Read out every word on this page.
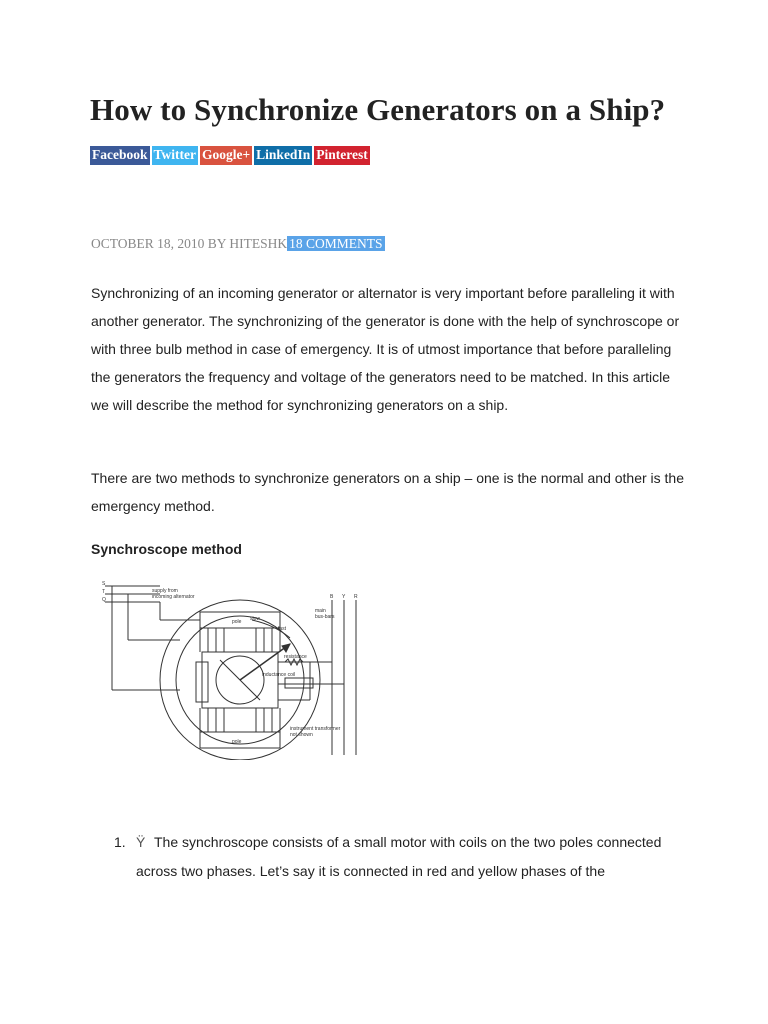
How to Synchronize Generators on a Ship?
Facebook Twitter Google+ LinkedIn Pinterest
OCTOBER 18, 2010 BY HITESHK 18 COMMENTS

Synchronizing of an incoming generator or alternator is very important before paralleling it with another generator. The synchronizing of the generator is done with the help of synchroscope or with three bulb method in case of emergency. It is of utmost importance that before paralleling the generators the frequency and voltage of the generators need to be matched. In this article we will describe the method for synchronizing generators on a ship.

There are two methods to synchronize generators on a ship – one is the normal and other is the emergency method.

Synchroscope method
S
T
Q
supply from
incoming alternator
main
bus-bars
B Y R
pole
pole
slow
fast
resistance
inductance coil
instrument transformer
not shown
1. Ÿ The synchroscope consists of a small motor with coils on the two poles connected across two phases. Let’s say it is connected in red and yellow phases of the
